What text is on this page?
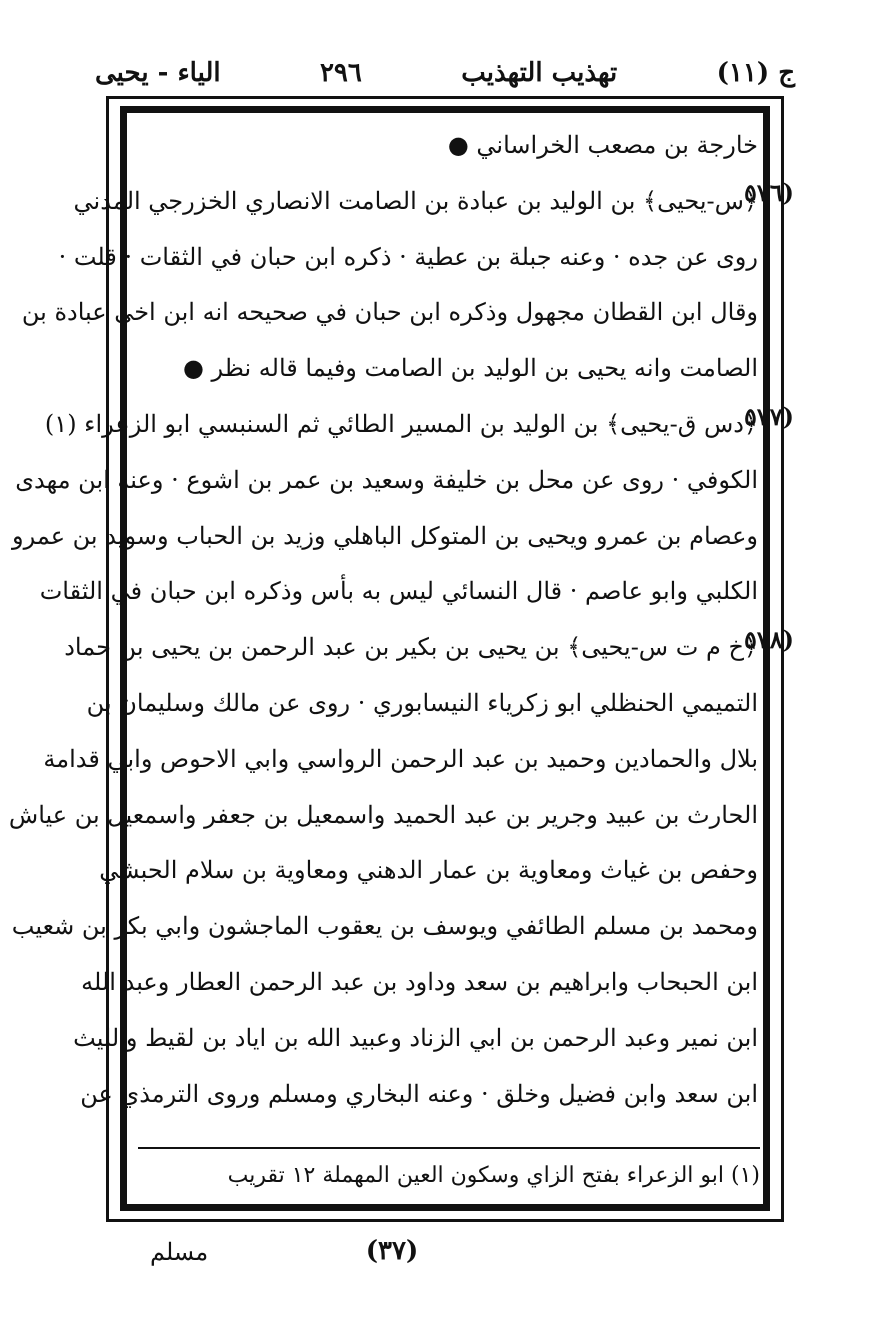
ج (١١)
تهذيب التهذيب
٢٩٦
الياء - يحيى
(٥٧٦
(٥٧٧
(٥٧٨
خارجة بن مصعب الخراساني ●
﴿س-يحيى﴾ بن الوليد بن عبادة بن الصامت الانصاري الخزرجي المدني
روى عن جده · وعنه جبلة بن عطية · ذكره ابن حبان في الثقات · قلت ·
وقال ابن القطان مجهول وذكره ابن حبان في صحيحه انه ابن اخي عبادة بن
الصامت وانه يحيى بن الوليد بن الصامت وفيما قاله نظر ●
﴿دس ق-يحيى﴾ بن الوليد بن المسير الطائي ثم السنبسي ابو الزعراء (١)
الكوفي · روى عن محل بن خليفة وسعيد بن عمر بن اشوع · وعنه ابن مهدى
وعصام بن عمرو ويحيى بن المتوكل الباهلي وزيد بن الحباب وسويد بن عمرو
الكلبي وابو عاصم · قال النسائي ليس به بأس وذكره ابن حبان في الثقات
﴿خ م ت س-يحيى﴾ بن يحيى بن بكير بن عبد الرحمن بن يحيى بن حماد
التميمي الحنظلي ابو زكرياء النيسابوري · روى عن مالك وسليمان بن
بلال والحمادين وحميد بن عبد الرحمن الرواسي وابي الاحوص وابي قدامة
الحارث بن عبيد وجرير بن عبد الحميد واسمعيل بن جعفر واسمعيل بن عياش
وحفص بن غياث ومعاوية بن عمار الدهني ومعاوية بن سلام الحبشي
ومحمد بن مسلم الطائفي ويوسف بن يعقوب الماجشون وابي بكر بن شعيب
ابن الحبحاب وابراهيم بن سعد وداود بن عبد الرحمن العطار وعبد الله
ابن نمير وعبد الرحمن بن ابي الزناد وعبيد الله بن اياد بن لقيط والليث
ابن سعد وابن فضيل وخلق · وعنه البخاري ومسلم وروى الترمذي عن
(١) ابو الزعراء بفتح الزاي وسكون العين المهملة ١٢ تقريب
(٣٧)
مسلم
